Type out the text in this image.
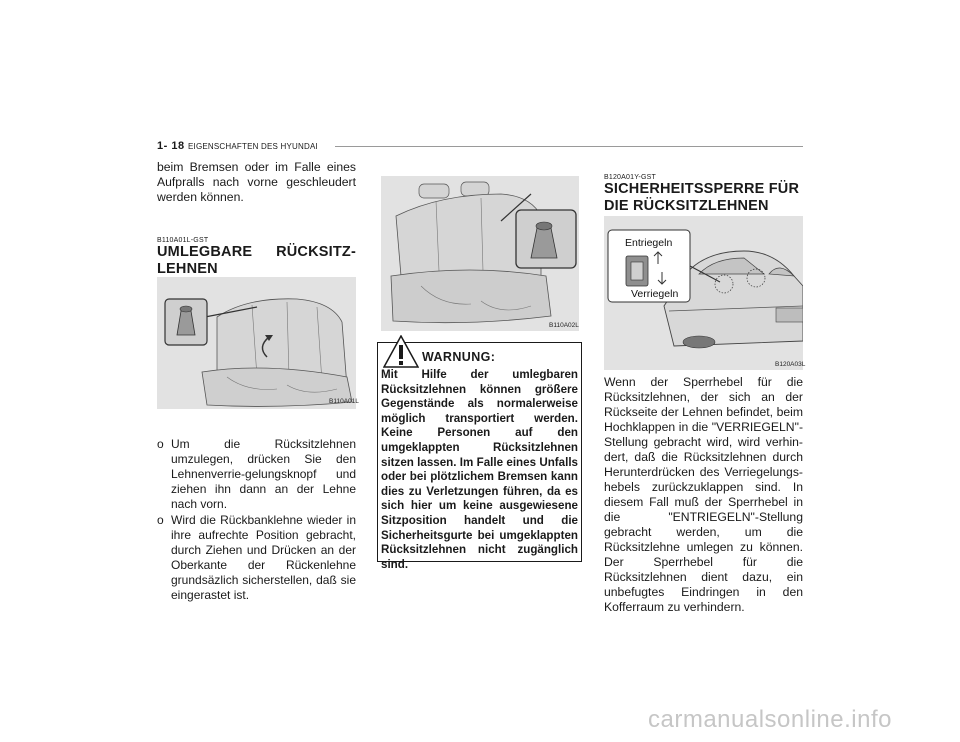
1- 18 EIGENSCHAFTEN DES HYUNDAI
beim Bremsen oder im Falle eines Aufpralls nach vorne geschleudert werden können.
B110A01L-GST
UMLEGBARE RÜCKSITZ-
LEHNEN
B110A01L
o Um die Rücksitzlehnen umzulegen, drücken Sie den Lehnenverrie-gelungsknopf und ziehen ihn dann an der Lehne nach vorn.
o Wird die Rückbanklehne wieder in ihre aufrechte Position gebracht, durch Ziehen und Drücken an der Oberkante der Rückenlehne grundsäzlich sicherstellen, daß sie eingerastet ist.
B110A02L

Mit Hilfe der umlegbaren Rücksitzlehnen können größere Gegenstände als normalerweise möglich transportiert werden. Keine Personen auf den umgeklappten Rücksitzlehnen sitzen lassen. Im Falle eines Unfalls oder bei plötzlichem Bremsen kann dies zu Verletzungen führen, da es sich hier um keine ausgewiesene Sitzposition handelt und die Sicherheitsgurte bei umgeklappten Rücksitzlehnen nicht zugänglich sind.

WARNUNG:
B120A01Y-GST
SICHERHEITSSPERRE FÜR
DIE RÜCKSITZLEHNEN
Entriegeln
Verriegeln
B120A03L
Wenn der Sperrhebel für die Rücksitzlehnen, der sich an der Rückseite der Lehnen befindet, beim Hochklappen in die "VERRIEGELN"-Stellung gebracht wird, wird verhin-dert, daß die Rücksitzlehnen durch Herunterdrücken des Verriegelungs-hebels zurückzuklappen sind. In diesem Fall muß der Sperrhebel in die "ENTRIEGELN"-Stellung gebracht werden, um die Rücksitzlehne umlegen zu können. Der Sperrhebel für die Rücksitzlehnen dient dazu, ein unbefugtes Eindringen in den Kofferraum zu verhindern.
carmanualsonline.info
